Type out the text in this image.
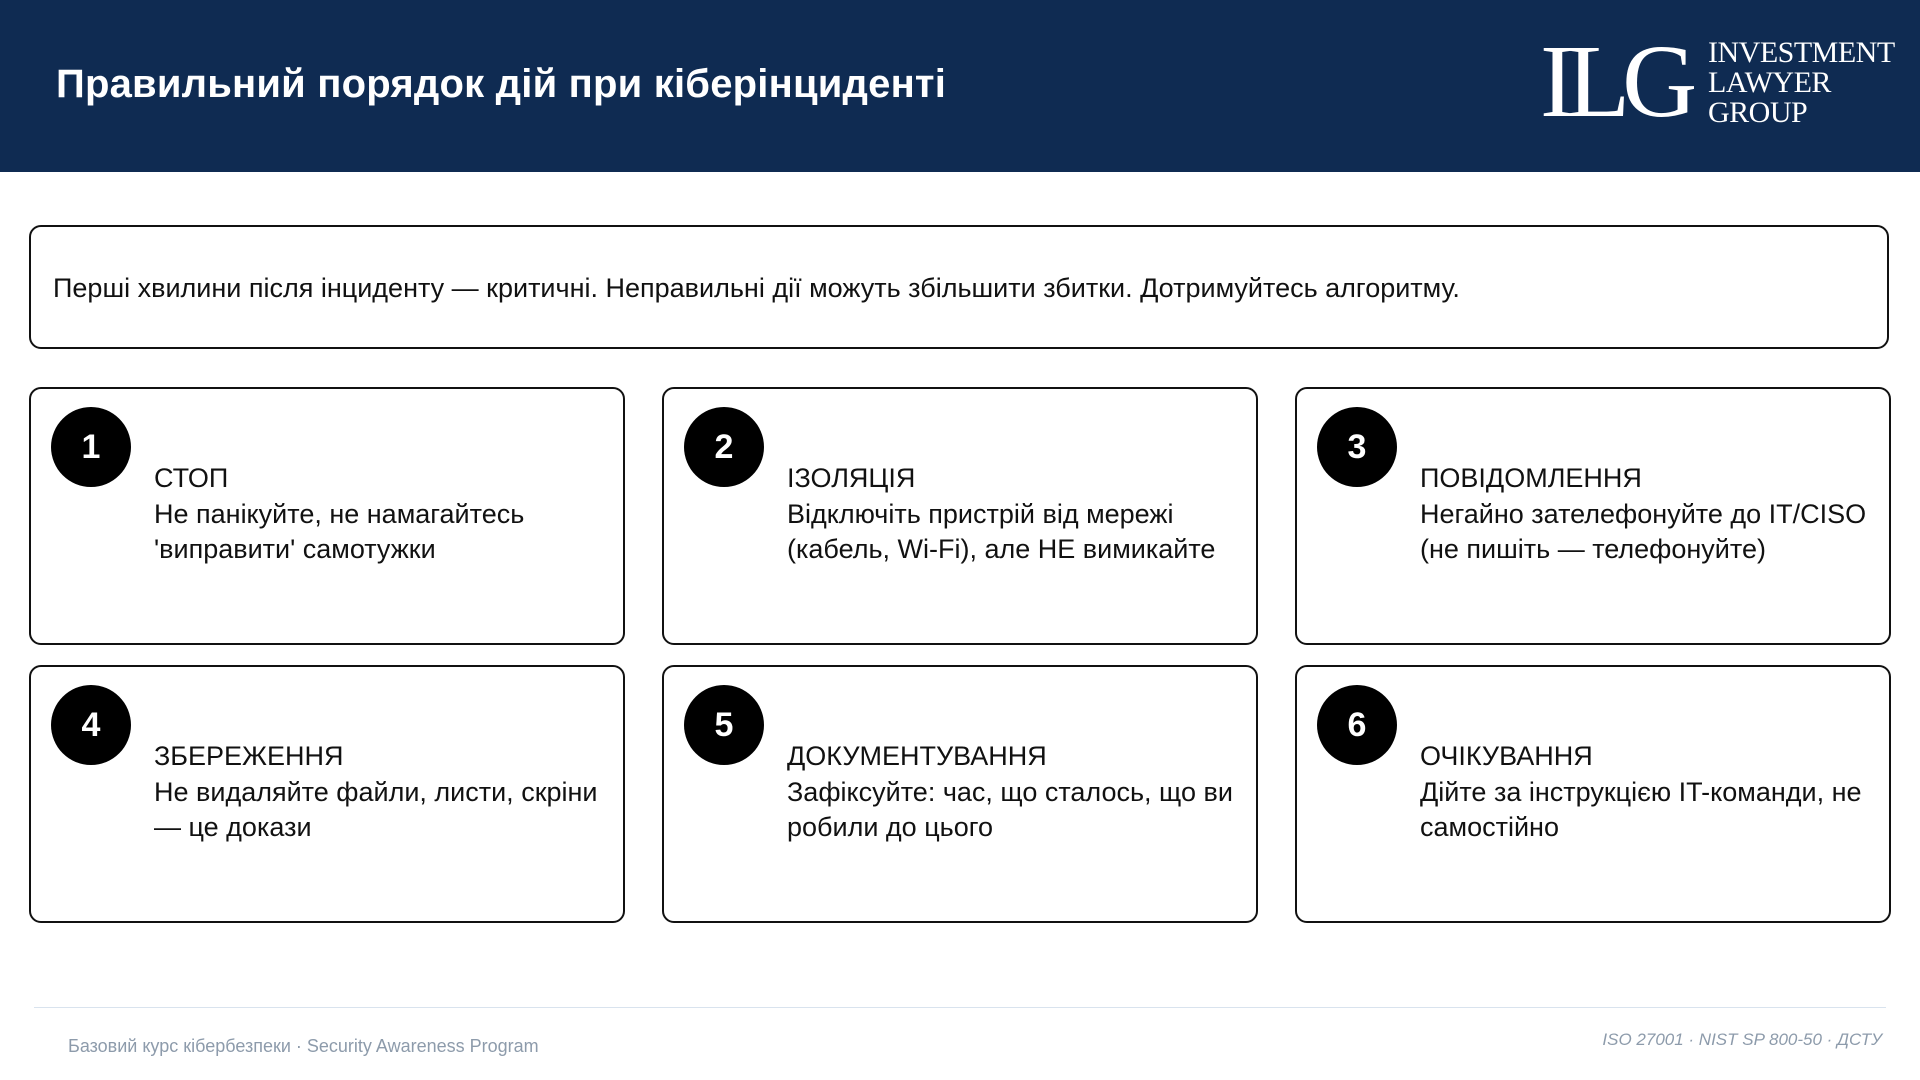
Правильний порядок дій при кіберінциденті	ILG INVESTMENT
LAWYER
GROUP
Перші хвилини після інциденту — критичні. Неправильні дії можуть збільшити збитки. Дотримуйтесь алгоритму.
1
СТОП
Не панікуйте, не намагайтесь 'виправити' самотужки
2
ІЗОЛЯЦІЯ
Відключіть пристрій від мережі (кабель, Wi-Fi), але НЕ вимикайте
3
ПОВІДОМЛЕННЯ
Негайно зателефонуйте до IT/CISO (не пишіть — телефонуйте)
4
ЗБЕРЕЖЕННЯ
Не видаляйте файли, листи, скріни — це докази
5
ДОКУМЕНТУВАННЯ
Зафіксуйте: час, що сталось, що ви робили до цього
6
ОЧІКУВАННЯ
Дійте за інструкцією IT-команди, не самостійно
Базовий курс кібербезпеки · Security Awareness Program	ISO 27001 · NIST SP 800-50 · ДСТУ
